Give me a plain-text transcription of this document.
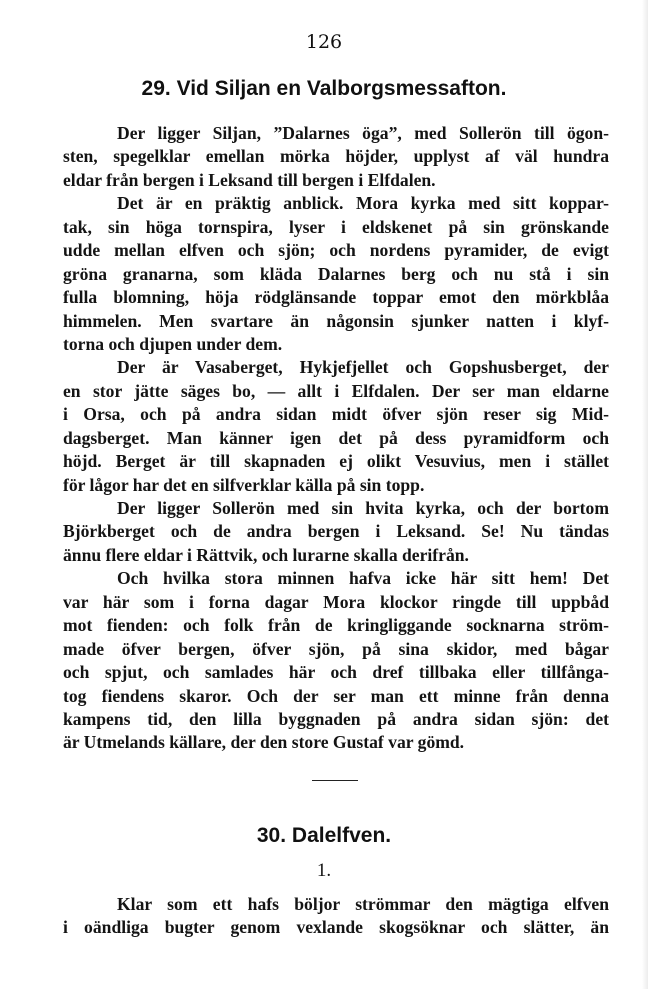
126
29. Vid Siljan en Valborgsmessafton.
Der ligger Siljan, ”Dalarnes öga”, med Sollerön till ögon-
sten, spegelklar emellan mörka höjder, upplyst af väl hundra
eldar från bergen i Leksand till bergen i Elfdalen.
Det är en präktig anblick. Mora kyrka med sitt koppar-
tak, sin höga tornspira, lyser i eldskenet på sin grönskande
udde mellan elfven och sjön; och nordens pyramider, de evigt
gröna granarna, som kläda Dalarnes berg och nu stå i sin
fulla blomning, höja rödglänsande toppar emot den mörkblåa
himmelen. Men svartare än någonsin sjunker natten i klyf-
torna och djupen under dem.
Der är Vasaberget, Hykjefjellet och Gopshusberget, der
en stor jätte säges bo, — allt i Elfdalen. Der ser man eldarne
i Orsa, och på andra sidan midt öfver sjön reser sig Mid-
dagsberget. Man känner igen det på dess pyramidform och
höjd. Berget är till skapnaden ej olikt Vesuvius, men i stället
för lågor har det en silfverklar källa på sin topp.
Der ligger Sollerön med sin hvita kyrka, och der bortom
Björkberget och de andra bergen i Leksand. Se! Nu tändas
ännu flere eldar i Rättvik, och lurarne skalla derifrån.
Och hvilka stora minnen hafva icke här sitt hem! Det
var här som i forna dagar Mora klockor ringde till uppbåd
mot fienden: och folk från de kringliggande socknarna ström-
made öfver bergen, öfver sjön, på sina skidor, med bågar
och spjut, och samlades här och dref tillbaka eller tillfånga-
tog fiendens skaror. Och der ser man ett minne från denna
kampens tid, den lilla byggnaden på andra sidan sjön: det
är Utmelands källare, der den store Gustaf var gömd.
30. Dalelfven.
1.
Klar som ett hafs böljor strömmar den mägtiga elfven
i oändliga bugter genom vexlande skogsöknar och slätter, än
